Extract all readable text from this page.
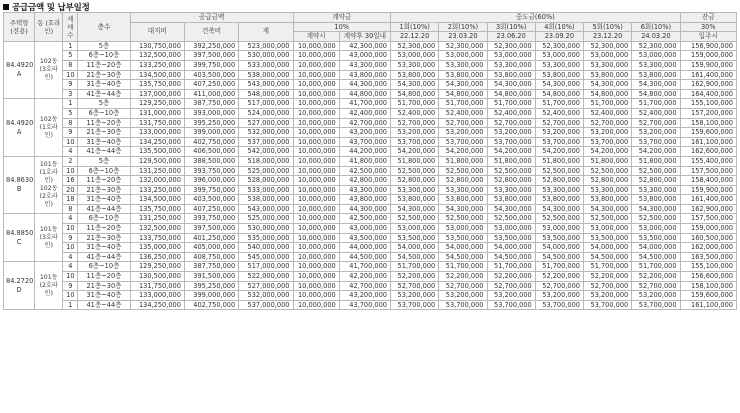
공급금액 및 납부일정
주택형 (전용)	동 (호라인)	세대수	층수	공급금액			계약금		중도금(60%)						잔금
				대지비	건축비	계	10%		1회(10%)	2회(10%)	3회(10%)	4회(10%)	5회(10%)	6회(10%)	30%
							계약시	계약후 30일내	22.12.20	23.03.20	23.06.20	23.09.20	23.12.20	24.03.20	입주시
84.4920
A	102동
(3호라인)	1	5층	130,750,000	392,250,000	523,000,000	10,000,000	42,300,000	52,300,000	52,300,000	52,300,000	52,300,000	52,300,000	52,300,000	156,900,000
		5	6층~10층	132,500,000	397,500,000	530,000,000	10,000,000	43,000,000	53,000,000	53,000,000	53,000,000	53,000,000	53,000,000	53,000,000	159,000,000
		8	11층~20층	133,250,000	399,750,000	533,000,000	10,000,000	43,300,000	53,300,000	53,300,000	53,300,000	53,300,000	53,300,000	53,300,000	159,900,000
		10	21층~30층	134,500,000	403,500,000	538,000,000	10,000,000	43,800,000	53,800,000	53,800,000	53,800,000	53,800,000	53,800,000	53,800,000	161,400,000
		9	31층~40층	135,750,000	407,250,000	543,000,000	10,000,000	44,300,000	54,300,000	54,300,000	54,300,000	54,300,000	54,300,000	54,300,000	162,900,000
		3	41층~44층	137,000,000	411,000,000	548,000,000	10,000,000	44,800,000	54,800,000	54,800,000	54,800,000	54,800,000	54,800,000	54,800,000	164,400,000
84.4920
A	102동
(1호라인)	1	5층	129,250,000	387,750,000	517,000,000	10,000,000	41,700,000	51,700,000	51,700,000	51,700,000	51,700,000	51,700,000	51,700,000	155,100,000
		5	6층~10층	131,000,000	393,000,000	524,000,000	10,000,000	42,400,000	52,400,000	52,400,000	52,400,000	52,400,000	52,400,000	52,400,000	157,200,000
		8	11층~20층	131,750,000	395,250,000	527,000,000	10,000,000	42,700,000	52,700,000	52,700,000	52,700,000	52,700,000	52,700,000	52,700,000	158,100,000
		9	21층~30층	133,000,000	399,000,000	532,000,000	10,000,000	43,200,000	53,200,000	53,200,000	53,200,000	53,200,000	53,200,000	53,200,000	159,600,000
		10	31층~40층	134,250,000	402,750,000	537,000,000	10,000,000	43,700,000	53,700,000	53,700,000	53,700,000	53,700,000	53,700,000	53,700,000	161,100,000
		4	41층~44층	135,500,000	406,500,000	542,000,000	10,000,000	44,200,000	54,200,000	54,200,000	54,200,000	54,200,000	54,200,000	54,200,000	162,600,000
84.8630
B	101동
(1호라인)
102동
(2호라인)	2	5층	129,500,000	388,500,000	518,000,000	10,000,000	41,800,000	51,800,000	51,800,000	51,800,000	51,800,000	51,800,000	51,800,000	155,400,000
		10	6층~10층	131,250,000	393,750,000	525,000,000	10,000,000	42,500,000	52,500,000	52,500,000	52,500,000	52,500,000	52,500,000	52,500,000	157,500,000
		16	11층~20층	132,000,000	396,000,000	528,000,000	10,000,000	42,800,000	52,800,000	52,800,000	52,800,000	52,800,000	52,800,000	52,800,000	158,400,000
		20	21층~30층	133,250,000	399,750,000	533,000,000	10,000,000	43,300,000	53,300,000	53,300,000	53,300,000	53,300,000	53,300,000	53,300,000	159,900,000
		18	31층~40층	134,500,000	403,500,000	538,000,000	10,000,000	43,800,000	53,800,000	53,800,000	53,800,000	53,800,000	53,800,000	53,800,000	161,400,000
		8	41층~44층	135,750,000	407,250,000	543,000,000	10,000,000	44,300,000	54,300,000	54,300,000	54,300,000	54,300,000	54,300,000	54,300,000	162,900,000
84.8850
C	101동
(3호라인)	4	6층~10층	131,250,000	393,750,000	525,000,000	10,000,000	42,500,000	52,500,000	52,500,000	52,500,000	52,500,000	52,500,000	52,500,000	157,500,000
		10	11층~20층	132,500,000	397,500,000	530,000,000	10,000,000	43,000,000	53,000,000	53,000,000	53,000,000	53,000,000	53,000,000	53,000,000	159,000,000
		9	21층~30층	133,750,000	401,250,000	535,000,000	10,000,000	43,500,000	53,500,000	53,500,000	53,500,000	53,500,000	53,500,000	53,500,000	160,500,000
		10	31층~40층	135,000,000	405,000,000	540,000,000	10,000,000	44,000,000	54,000,000	54,000,000	54,000,000	54,000,000	54,000,000	54,000,000	162,000,000
		4	41층~44층	136,250,000	408,750,000	545,000,000	10,000,000	44,500,000	54,500,000	54,500,000	54,500,000	54,500,000	54,500,000	54,500,000	163,500,000
84.2720
D	101동
(2호라인)	4	6층~10층	129,250,000	387,750,000	517,000,000	10,000,000	41,700,000	51,700,000	51,700,000	51,700,000	51,700,000	51,700,000	51,700,000	155,100,000
		10	11층~20층	130,500,000	391,500,000	522,000,000	10,000,000	42,200,000	52,200,000	52,200,000	52,200,000	52,200,000	52,200,000	52,200,000	156,600,000
		9	21층~30층	131,750,000	395,250,000	527,000,000	10,000,000	42,700,000	52,700,000	52,700,000	52,700,000	52,700,000	52,700,000	52,700,000	158,100,000
		10	31층~40층	133,000,000	399,000,000	532,000,000	10,000,000	43,200,000	53,200,000	53,200,000	53,200,000	53,200,000	53,200,000	53,200,000	159,600,000
		1	41층~44층	134,250,000	402,750,000	537,000,000	10,000,000	43,700,000	53,700,000	53,700,000	53,700,000	53,700,000	53,700,000	53,700,000	161,100,000
